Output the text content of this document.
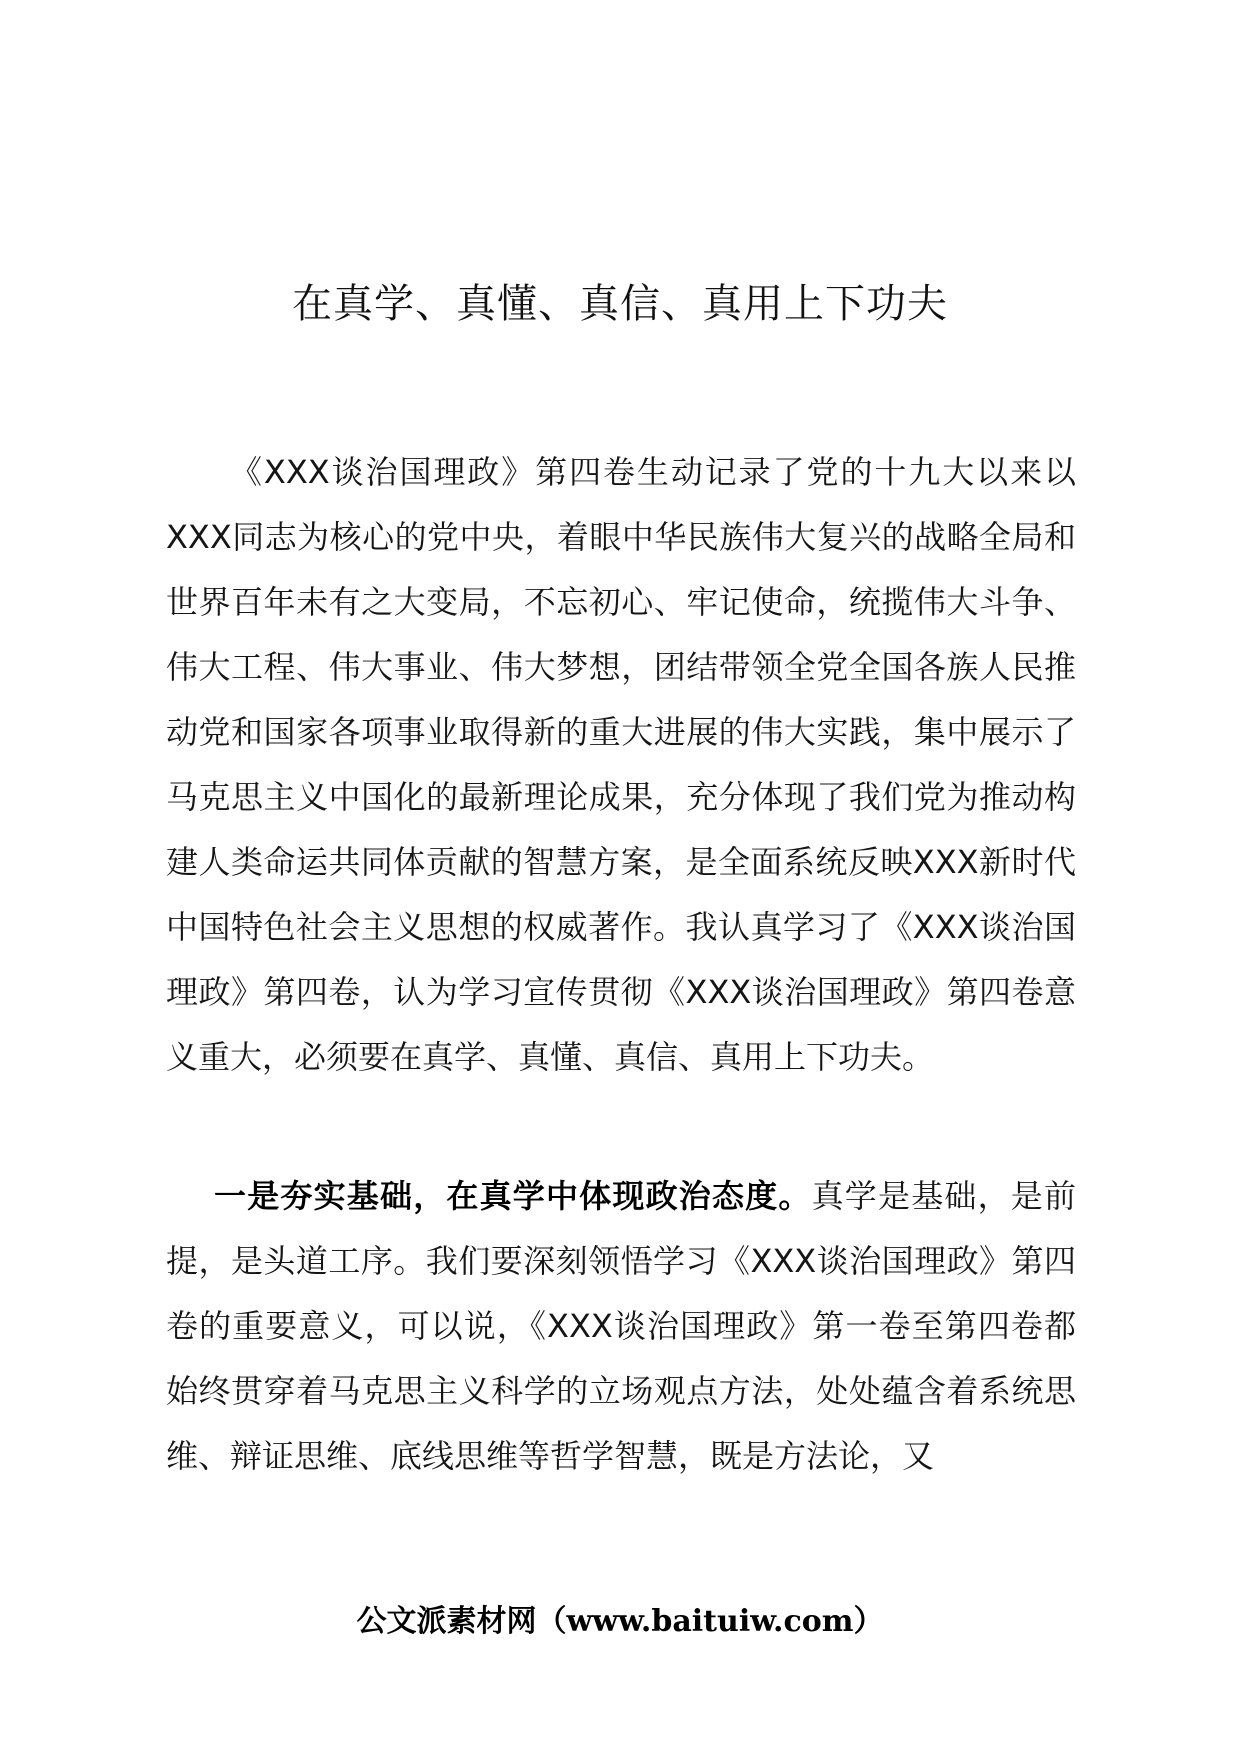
在真学、真懂、真信、真用上下功夫

《XXX谈治国理政》第四卷生动记录了党的十九大以来以XXX同志为核心的党中央，着眼中华民族伟大复兴的战略全局和世界百年未有之大变局，不忘初心、牢记使命，统揽伟大斗争、伟大工程、伟大事业、伟大梦想，团结带领全党全国各族人民推动党和国家各项事业取得新的重大进展的伟大实践，集中展示了马克思主义中国化的最新理论成果，充分体现了我们党为推动构建人类命运共同体贡献的智慧方案，是全面系统反映XXX新时代中国特色社会主义思想的权威著作。我认真学习了《XXX谈治国理政》第四卷，认为学习宣传贯彻《XXX谈治国理政》第四卷意义重大，必须要在真学、真懂、真信、真用上下功夫。

一是夯实基础，在真学中体现政治态度。真学是基础，是前提，是头道工序。我们要深刻领悟学习《XXX谈治国理政》第四卷的重要意义，可以说，《XXX谈治国理政》第一卷至第四卷都始终贯穿着马克思主义科学的立场观点方法，处处蕴含着系统思维、辩证思维、底线思维等哲学智慧，既是方法论，又

公文派素材网（www.baituiw.com）
